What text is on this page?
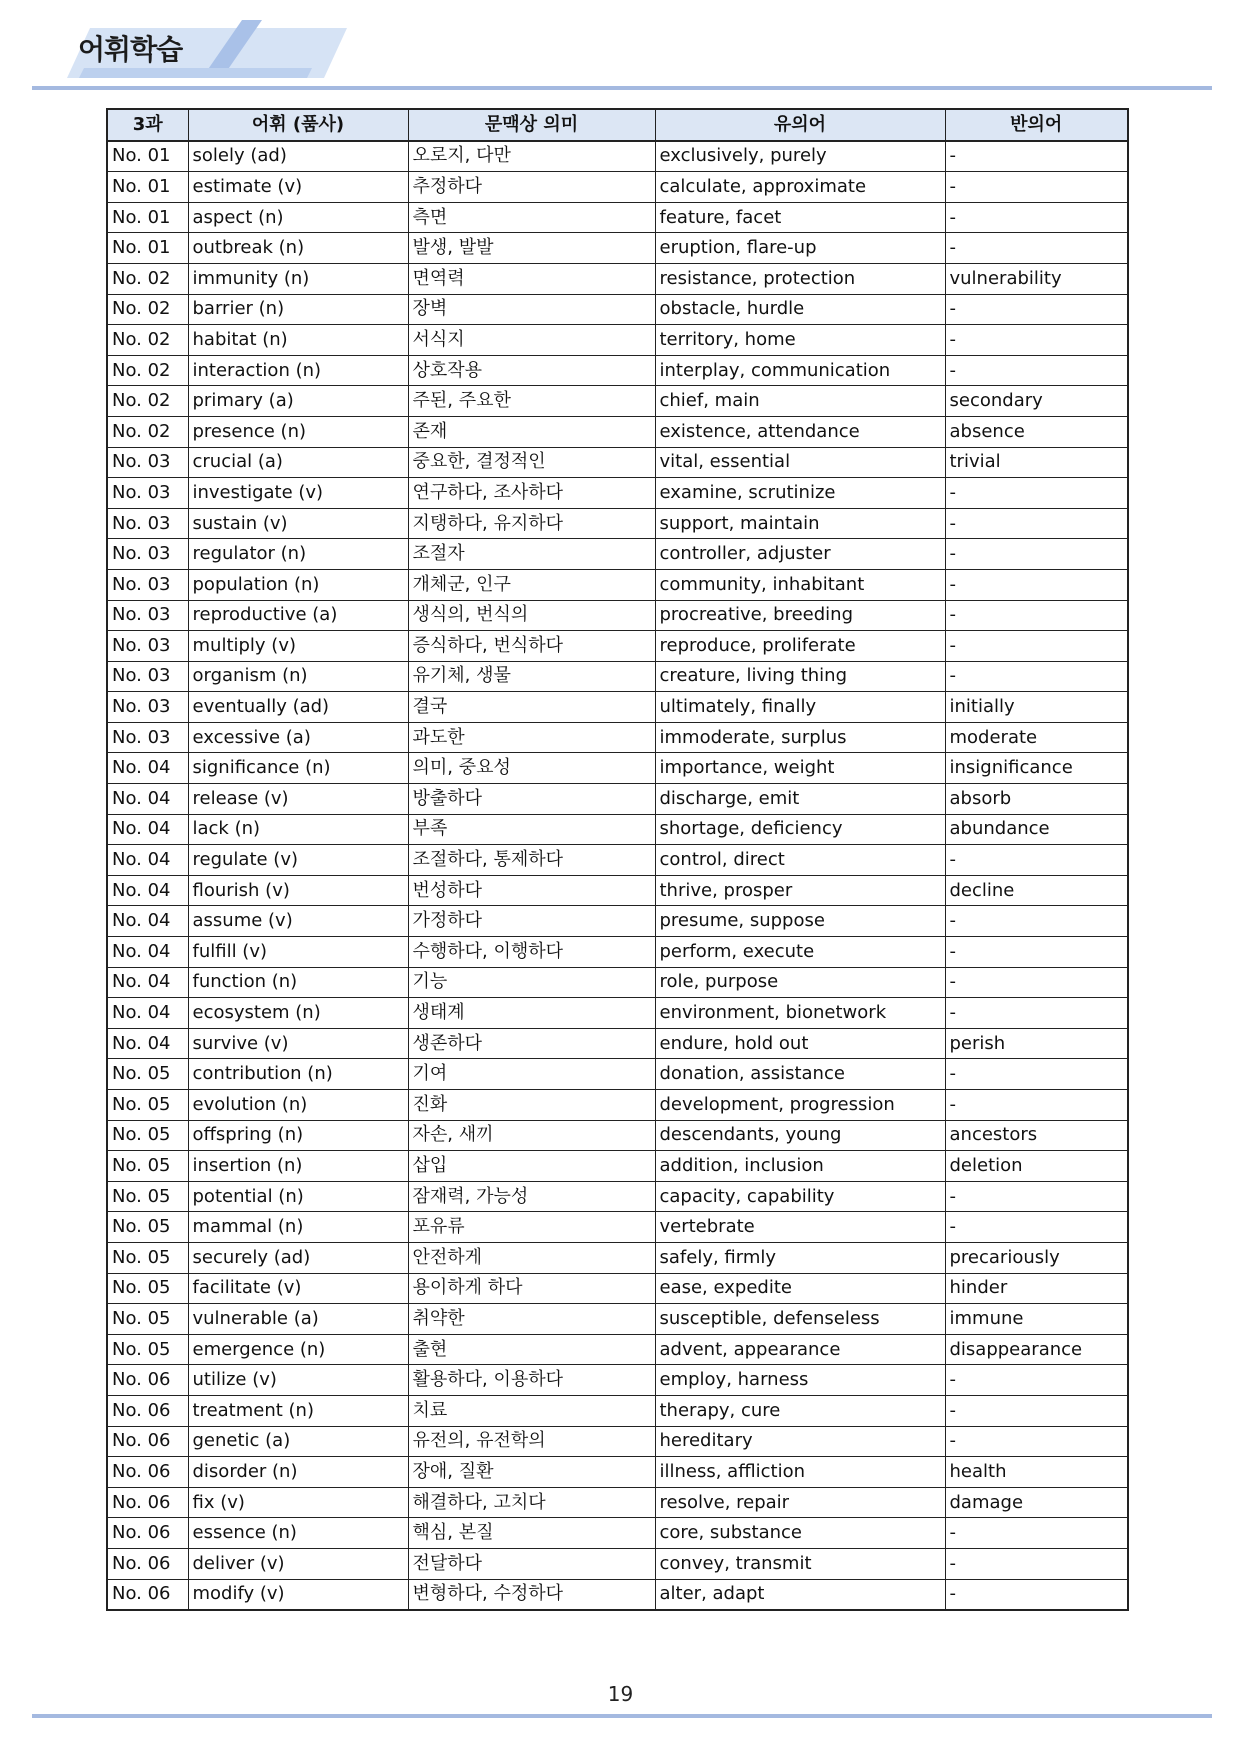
어휘학습
3과	어휘 (품사)	문맥상 의미	유의어	반의어
No. 01	solely (ad)	오로지, 다만	exclusively, purely	-
No. 01	estimate (v)	추정하다	calculate, approximate	-
No. 01	aspect (n)	측면	feature, facet	-
No. 01	outbreak (n)	발생, 발발	eruption, flare-up	-
No. 02	immunity (n)	면역력	resistance, protection	vulnerability
No. 02	barrier (n)	장벽	obstacle, hurdle	-
No. 02	habitat (n)	서식지	territory, home	-
No. 02	interaction (n)	상호작용	interplay, communication	-
No. 02	primary (a)	주된, 주요한	chief, main	secondary
No. 02	presence (n)	존재	existence, attendance	absence
No. 03	crucial (a)	중요한, 결정적인	vital, essential	trivial
No. 03	investigate (v)	연구하다, 조사하다	examine, scrutinize	-
No. 03	sustain (v)	지탱하다, 유지하다	support, maintain	-
No. 03	regulator (n)	조절자	controller, adjuster	-
No. 03	population (n)	개체군, 인구	community, inhabitant	-
No. 03	reproductive (a)	생식의, 번식의	procreative, breeding	-
No. 03	multiply (v)	증식하다, 번식하다	reproduce, proliferate	-
No. 03	organism (n)	유기체, 생물	creature, living thing	-
No. 03	eventually (ad)	결국	ultimately, finally	initially
No. 03	excessive (a)	과도한	immoderate, surplus	moderate
No. 04	significance (n)	의미, 중요성	importance, weight	insignificance
No. 04	release (v)	방출하다	discharge, emit	absorb
No. 04	lack (n)	부족	shortage, deficiency	abundance
No. 04	regulate (v)	조절하다, 통제하다	control, direct	-
No. 04	flourish (v)	번성하다	thrive, prosper	decline
No. 04	assume (v)	가정하다	presume, suppose	-
No. 04	fulfill (v)	수행하다, 이행하다	perform, execute	-
No. 04	function (n)	기능	role, purpose	-
No. 04	ecosystem (n)	생태계	environment, bionetwork	-
No. 04	survive (v)	생존하다	endure, hold out	perish
No. 05	contribution (n)	기여	donation, assistance	-
No. 05	evolution (n)	진화	development, progression	-
No. 05	offspring (n)	자손, 새끼	descendants, young	ancestors
No. 05	insertion (n)	삽입	addition, inclusion	deletion
No. 05	potential (n)	잠재력, 가능성	capacity, capability	-
No. 05	mammal (n)	포유류	vertebrate	-
No. 05	securely (ad)	안전하게	safely, firmly	precariously
No. 05	facilitate (v)	용이하게 하다	ease, expedite	hinder
No. 05	vulnerable (a)	취약한	susceptible, defenseless	immune
No. 05	emergence (n)	출현	advent, appearance	disappearance
No. 06	utilize (v)	활용하다, 이용하다	employ, harness	-
No. 06	treatment (n)	치료	therapy, cure	-
No. 06	genetic (a)	유전의, 유전학의	hereditary	-
No. 06	disorder (n)	장애, 질환	illness, affliction	health
No. 06	fix (v)	해결하다, 고치다	resolve, repair	damage
No. 06	essence (n)	핵심, 본질	core, substance	-
No. 06	deliver (v)	전달하다	convey, transmit	-
No. 06	modify (v)	변형하다, 수정하다	alter, adapt	-
19
